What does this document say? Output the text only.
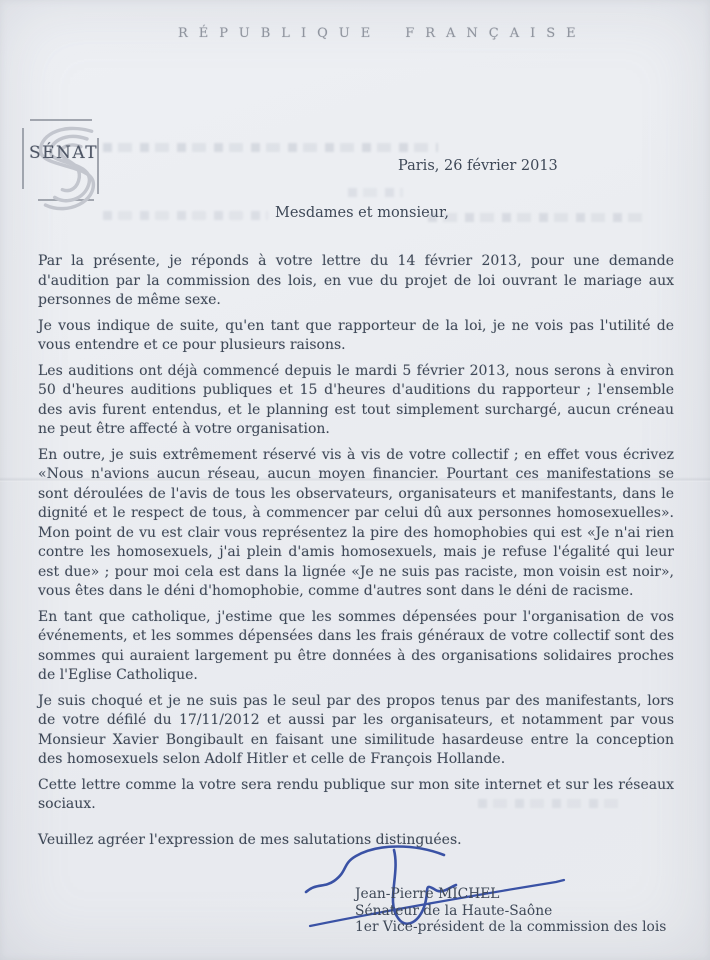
RÉPUBLIQUE FRANÇAISE
SÉNAT
Paris, 26 février 2013
Mesdames et monsieur,

Par la présente, je réponds à votre lettre du 14 février 2013, pour une demande d'audition par la commission des lois, en vue du projet de loi ouvrant le mariage aux personnes de même sexe.

Je vous indique de suite, qu'en tant que rapporteur de la loi, je ne vois pas l'utilité de vous entendre et ce pour plusieurs raisons.

Les auditions ont déjà commencé depuis le mardi 5 février 2013, nous serons à environ 50 d'heures auditions publiques et 15 d'heures d'auditions du rapporteur ; l'ensemble des avis furent entendus, et le planning est tout simplement surchargé, aucun créneau ne peut être affecté à votre organisation.

En outre, je suis extrêmement réservé vis à vis de votre collectif ; en effet vous écrivez «Nous n'avions aucun réseau, aucun moyen financier. Pourtant ces manifestations se sont déroulées de l'avis de tous les observateurs, organisateurs et manifestants, dans le dignité et le respect de tous, à commencer par celui dû aux personnes homosexuelles». Mon point de vu est clair vous représentez la pire des homophobies qui est «Je n'ai rien contre les homosexuels, j'ai plein d'amis homosexuels, mais je refuse l'égalité qui leur est due» ; pour moi cela est dans la lignée «Je ne suis pas raciste, mon voisin est noir», vous êtes dans le déni d'homophobie, comme d'autres sont dans le déni de racisme.

En tant que catholique, j'estime que les sommes dépensées pour l'organisation de vos événements, et les sommes dépensées dans les frais généraux de votre collectif sont des sommes qui auraient largement pu être données à des organisations solidaires proches de l'Eglise Catholique.

Je suis choqué et je ne suis pas le seul par des propos tenus par des manifestants, lors de votre défilé du 17/11/2012 et aussi par les organisateurs, et notamment par vous Monsieur Xavier Bongibault en faisant une similitude hasardeuse entre la conception des homosexuels selon Adolf Hitler et celle de François Hollande.

Cette lettre comme la votre sera rendu publique sur mon site internet et sur les réseaux sociaux.

Veuillez agréer l'expression de mes salutations distinguées.

Jean-Pierre MICHEL
Sénateur de la Haute-Saône
1er Vice-président de la commission des lois
